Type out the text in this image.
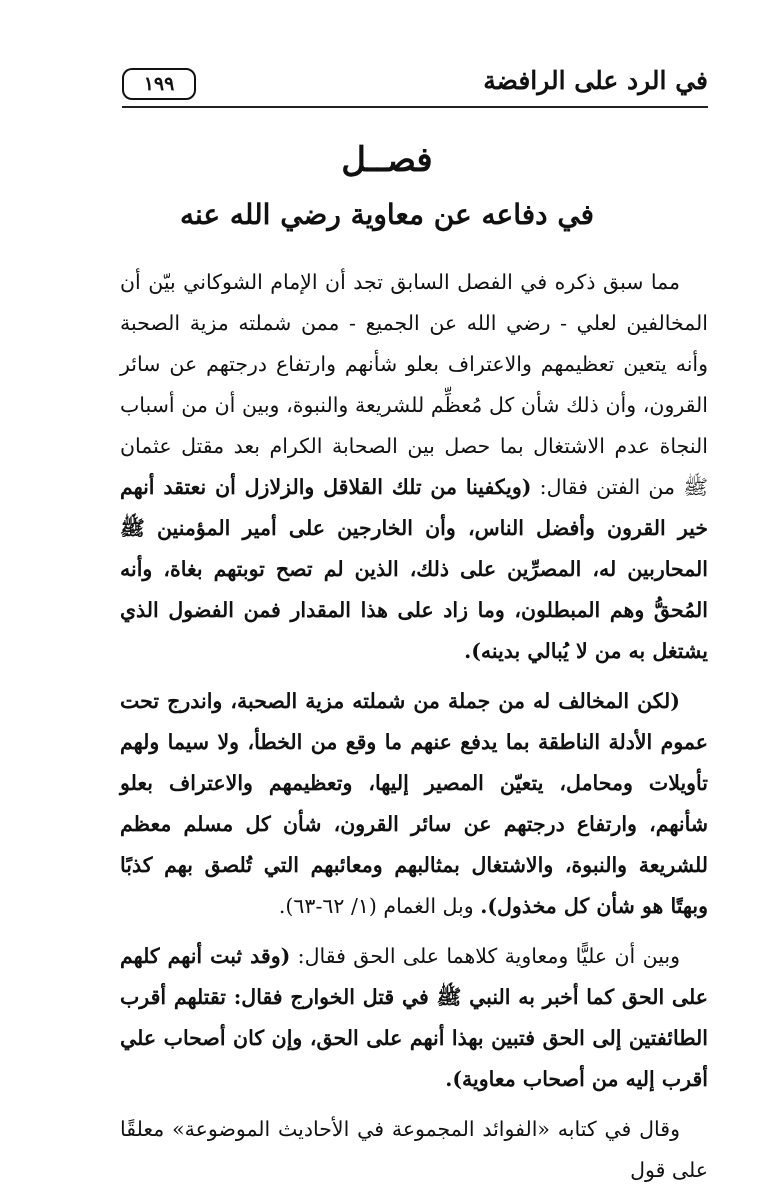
في الرد على الرافضة
١٩٩
فصــل
في دفاعه عن معاوية رضي الله عنه

مما سبق ذكره في الفصل السابق تجد أن الإمام الشوكاني بيّن أن المخالفين لعلي - رضي الله عن الجميع - ممن شملته مزية الصحبة وأنه يتعين تعظيمهم والاعتراف بعلو شأنهم وارتفاع درجتهم عن سائر القرون، وأن ذلك شأن كل مُعظِّم للشريعة والنبوة، وبين أن من أسباب النجاة عدم الاشتغال بما حصل بين الصحابة الكرام بعد مقتل عثمان ﷺ من الفتن فقال: (ويكفينا من تلك القلاقل والزلازل أن نعتقد أنهم خير القرون وأفضل الناس، وأن الخارجين على أمير المؤمنين ﷺ المحاربين له، المصرِّين على ذلك، الذين لم تصح توبتهم بغاة، وأنه المُحقُّ وهم المبطلون، وما زاد على هذا المقدار فمن الفضول الذي يشتغل به من لا يُبالي بدينه).

(لكن المخالف له من جملة من شملته مزية الصحبة، واندرج تحت عموم الأدلة الناطقة بما يدفع عنهم ما وقع من الخطأ، ولا سيما ولهم تأويلات ومحامل، يتعيّن المصير إليها، وتعظيمهم والاعتراف بعلو شأنهم، وارتفاع درجتهم عن سائر القرون، شأن كل مسلم معظم للشريعة والنبوة، والاشتغال بمثالبهم ومعائبهم التي تُلصق بهم كذبًا وبهتًا هو شأن كل مخذول). وبل الغمام (١/ ٦٢-٦٣).

وبين أن عليًّا ومعاوية كلاهما على الحق فقال: (وقد ثبت أنهم كلهم على الحق كما أخبر به النبي ﷺ في قتل الخوارج فقال: تقتلهم أقرب الطائفتين إلى الحق فتبين بهذا أنهم على الحق، وإن كان أصحاب علي أقرب إليه من أصحاب معاوية).

وقال في كتابه «الفوائد المجموعة في الأحاديث الموضوعة» معلقًا على قول
